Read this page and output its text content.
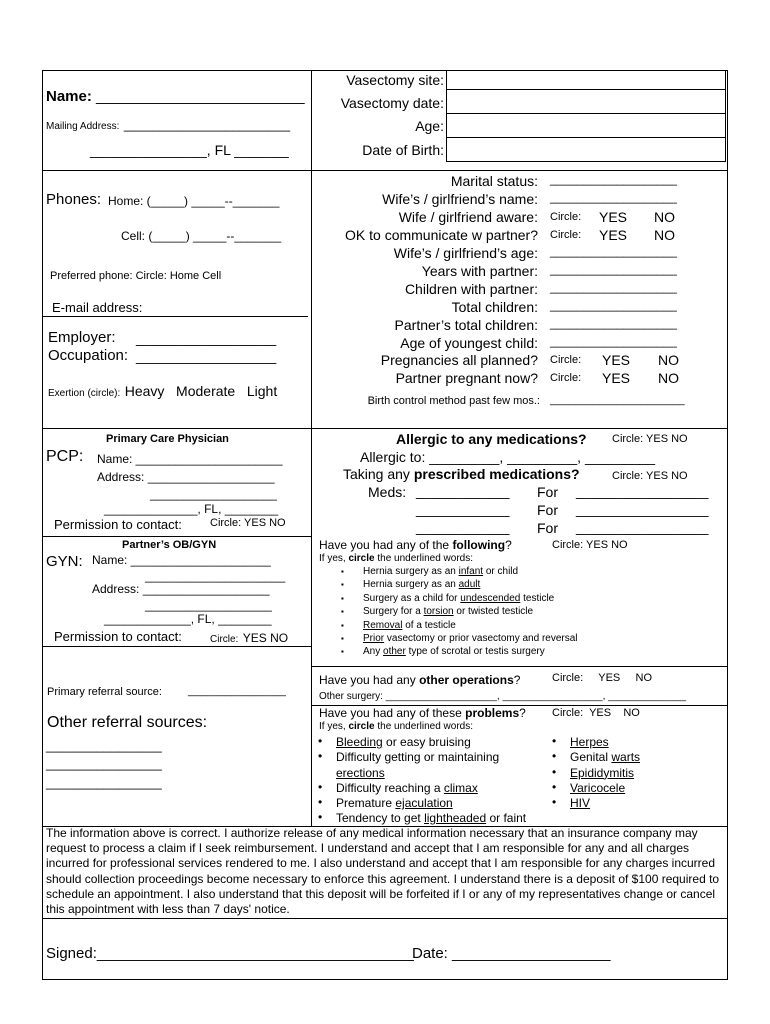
Name: _________________________
Mailing Address: _______________________
_______________, FL _______
Vasectomy site:
Vasectomy date:
Age:
Date of Birth:
Phones: Home: (_____) _____--_______
Cell: (_____) _____--_______
Preferred phone: Circle: Home Cell
E-mail address:
Employer: __________________
Occupation: __________________
Exertion (circle): Heavy   Moderate   Light
Marital status: ___________________
Wife’s / girlfriend’s name: ___________________
Wife / girlfriend aware: Circle: YES NO
OK to communicate w partner? Circle: YES NO
Wife’s / girlfriend’s age: ___________________
Years with partner: ___________________
Children with partner: ___________________
Total children: ___________________
Partner’s total children: ___________________
Age of youngest child: ___________________
Pregnancies all planned? Circle: YES NO
Partner pregnant now? Circle: YES NO
Birth control method past few mos.: ______________________
Primary Care Physician
PCP: Name: ______________________
Address: ___________________
___________________
______________, FL, ________
Permission to contact:	Circle: YES NO
Partner’s OB/GYN
GYN: Name: _____________________
_____________________
Address: ___________________
___________________
_____________, FL, ________
Permission to contact:	Circle: YES NO
Allergic to any medications? Circle: YES NO
Allergic to: _________, _________, _________
Taking any prescribed medications?	Circle: YES NO
Meds: ____________ For _________________
____________ For _________________
____________ For _________________
Have you had any of the following?	Circle: YES NO
If yes, circle the underlined words:
▪ Hernia surgery as an infant or child
▪ Hernia surgery as an adult
▪ Surgery as a child for undescended testicle
▪ Surgery for a torsion or twisted testicle
▪ Removal of a testicle
▪ Prior vasectomy or prior vasectomy and reversal
▪ Any other type of scrotal or testis surgery
Have you had any other operations?	Circle:     YES     NO
Other surgery: ____________________, __________________, ______________
Have you had any of these problems? Circle:  YES    NO
If yes, circle the underlined words:
• Bleeding or easy bruising
• Difficulty getting or maintaining
erections
• Difficulty reaching a climax
• Premature ejaculation
• Tendency to get lightheaded or faint
• Herpes
• Genital warts
• Epididymitis
• Varicocele
• HIV
Primary referral source: ________________
Other referral sources:
________________
________________
________________
The information above is correct. I authorize release of any medical information necessary that an insurance company may request to process a claim if I seek reimbursement. I understand and accept that I am responsible for any and all charges incurred for professional services rendered to me. I also understand and accept that I am responsible for any charges incurred should collection proceedings become necessary to enforce this agreement. I understand there is a deposit of $100 required to schedule an appointment. I also understand that this deposit will be forfeited if I or any of my representatives change or cancel this appointment with less than 7 days' notice.
Signed:______________________________________
Date: ___________________
